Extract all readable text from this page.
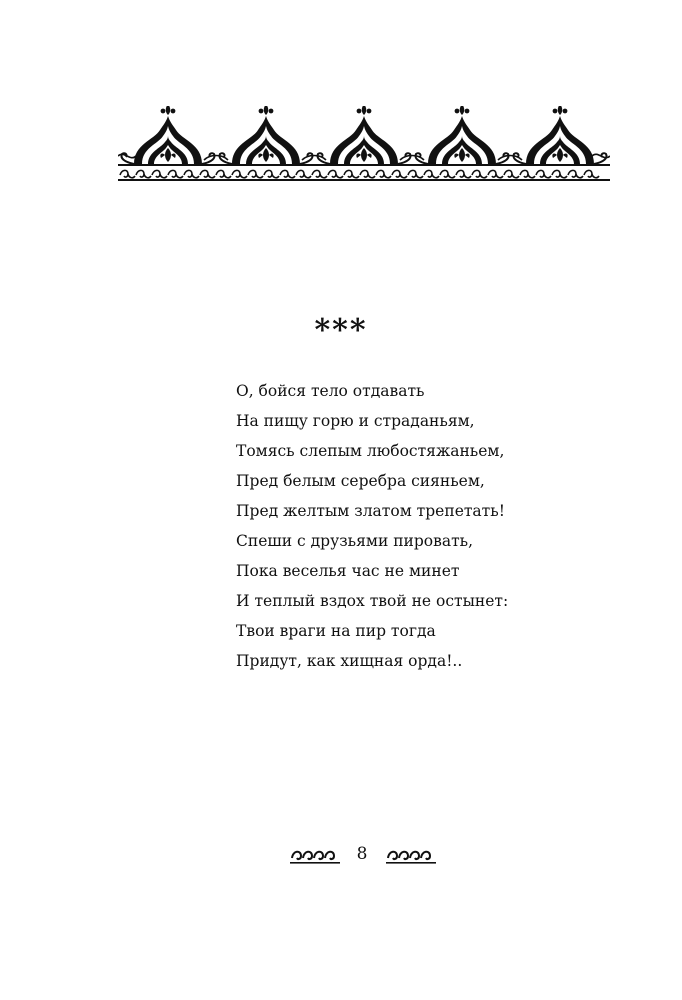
***
О, бойся тело отдавать
На пищу горю и страданьям,
Томясь слепым любостяжаньем,
Пред белым серебра сияньем,
Пред желтым златом трепетать!
Спеши с друзьями пировать,
Пока веселья час не минет
И теплый вздох твой не остынет:
Твои враги на пир тогда
Придут, как хищная орда!..
8
